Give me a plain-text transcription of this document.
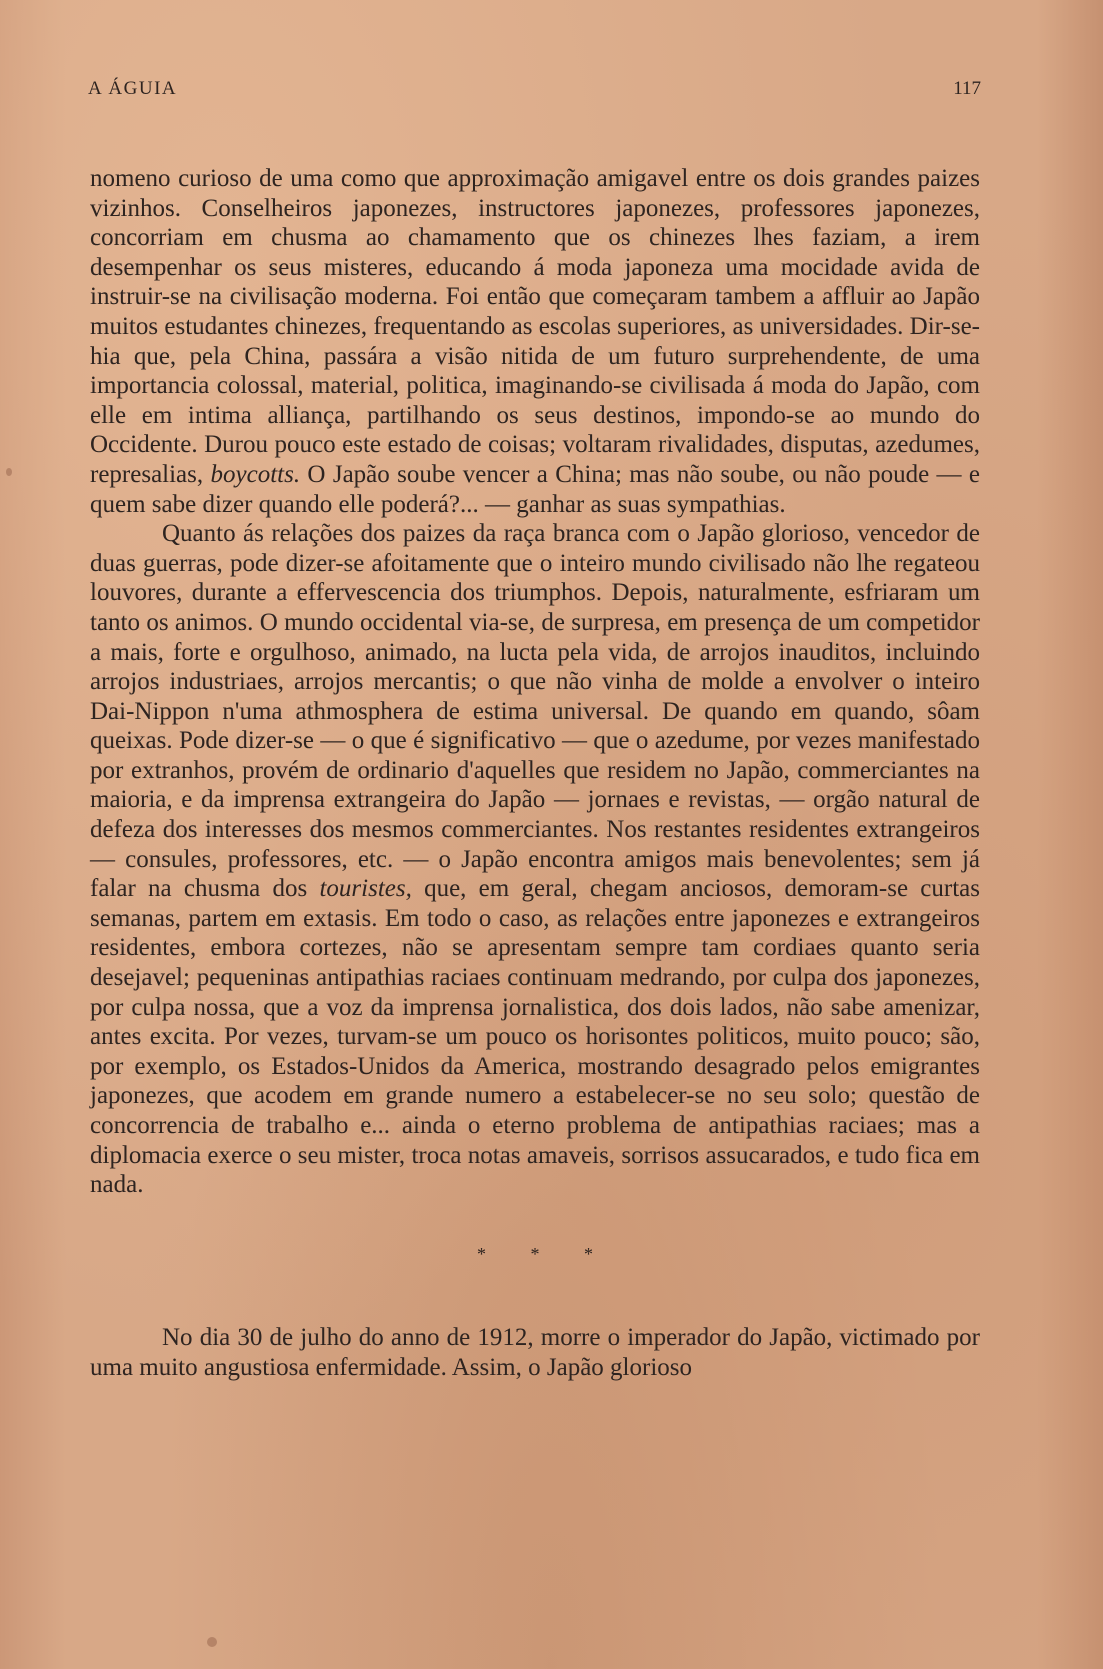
A ÁGUIA	117

nomeno curioso de uma como que approximação amigavel entre os dois grandes paizes vizinhos. Conselheiros japonezes, instructores japonezes, professores japonezes, concorriam em chusma ao chamamento que os chinezes lhes faziam, a irem desempenhar os seus misteres, educando á moda japoneza uma mocidade avida de instruir-se na civilisação moderna. Foi então que começaram tambem a affluir ao Japão muitos estudantes chinezes, frequentando as escolas superiores, as universidades. Dir-se-hia que, pela China, passára a visão nitida de um futuro surprehendente, de uma importancia colossal, material, politica, imaginando-se civilisada á moda do Japão, com elle em intima alliança, partilhando os seus destinos, impondo-se ao mundo do Occidente. Durou pouco este estado de coisas; voltaram rivalidades, disputas, azedumes, represalias, boycotts. O Japão soube vencer a China; mas não soube, ou não poude — e quem sabe dizer quando elle poderá?... — ganhar as suas sympathias.

Quanto ás relações dos paizes da raça branca com o Japão glorioso, vencedor de duas guerras, pode dizer-se afoitamente que o inteiro mundo civilisado não lhe regateou louvores, durante a effervescencia dos triumphos. Depois, naturalmente, esfriaram um tanto os animos. O mundo occidental via-se, de surpresa, em presença de um competidor a mais, forte e orgulhoso, animado, na lucta pela vida, de arrojos inauditos, incluindo arrojos industriaes, arrojos mercantis; o que não vinha de molde a envolver o inteiro Dai-Nippon n'uma athmosphera de estima universal. De quando em quando, sôam queixas. Pode dizer-se — o que é significativo — que o azedume, por vezes manifestado por extranhos, provém de ordinario d'aquelles que residem no Japão, commerciantes na maioria, e da imprensa extrangeira do Japão — jornaes e revistas, — orgão natural de defeza dos interesses dos mesmos commerciantes. Nos restantes residentes extrangeiros — consules, professores, etc. — o Japão encontra amigos mais benevolentes; sem já falar na chusma dos touristes, que, em geral, chegam anciosos, demoram-se curtas semanas, partem em extasis. Em todo o caso, as relações entre japonezes e extrangeiros residentes, embora cortezes, não se apresentam sempre tam cordiaes quanto seria desejavel; pequeninas antipathias raciaes continuam medrando, por culpa dos japonezes, por culpa nossa, que a voz da imprensa jornalistica, dos dois lados, não sabe amenizar, antes excita. Por vezes, turvam-se um pouco os horisontes politicos, muito pouco; são, por exemplo, os Estados-Unidos da America, mostrando desagrado pelos emigrantes japonezes, que acodem em grande numero a estabelecer-se no seu solo; questão de concorrencia de trabalho e... ainda o eterno problema de antipathias raciaes; mas a diplomacia exerce o seu mister, troca notas amaveis, sorrisos assucarados, e tudo fica em nada.

* * *

No dia 30 de julho do anno de 1912, morre o imperador do Japão, victimado por uma muito angustiosa enfermidade. Assim, o Japão glorioso
